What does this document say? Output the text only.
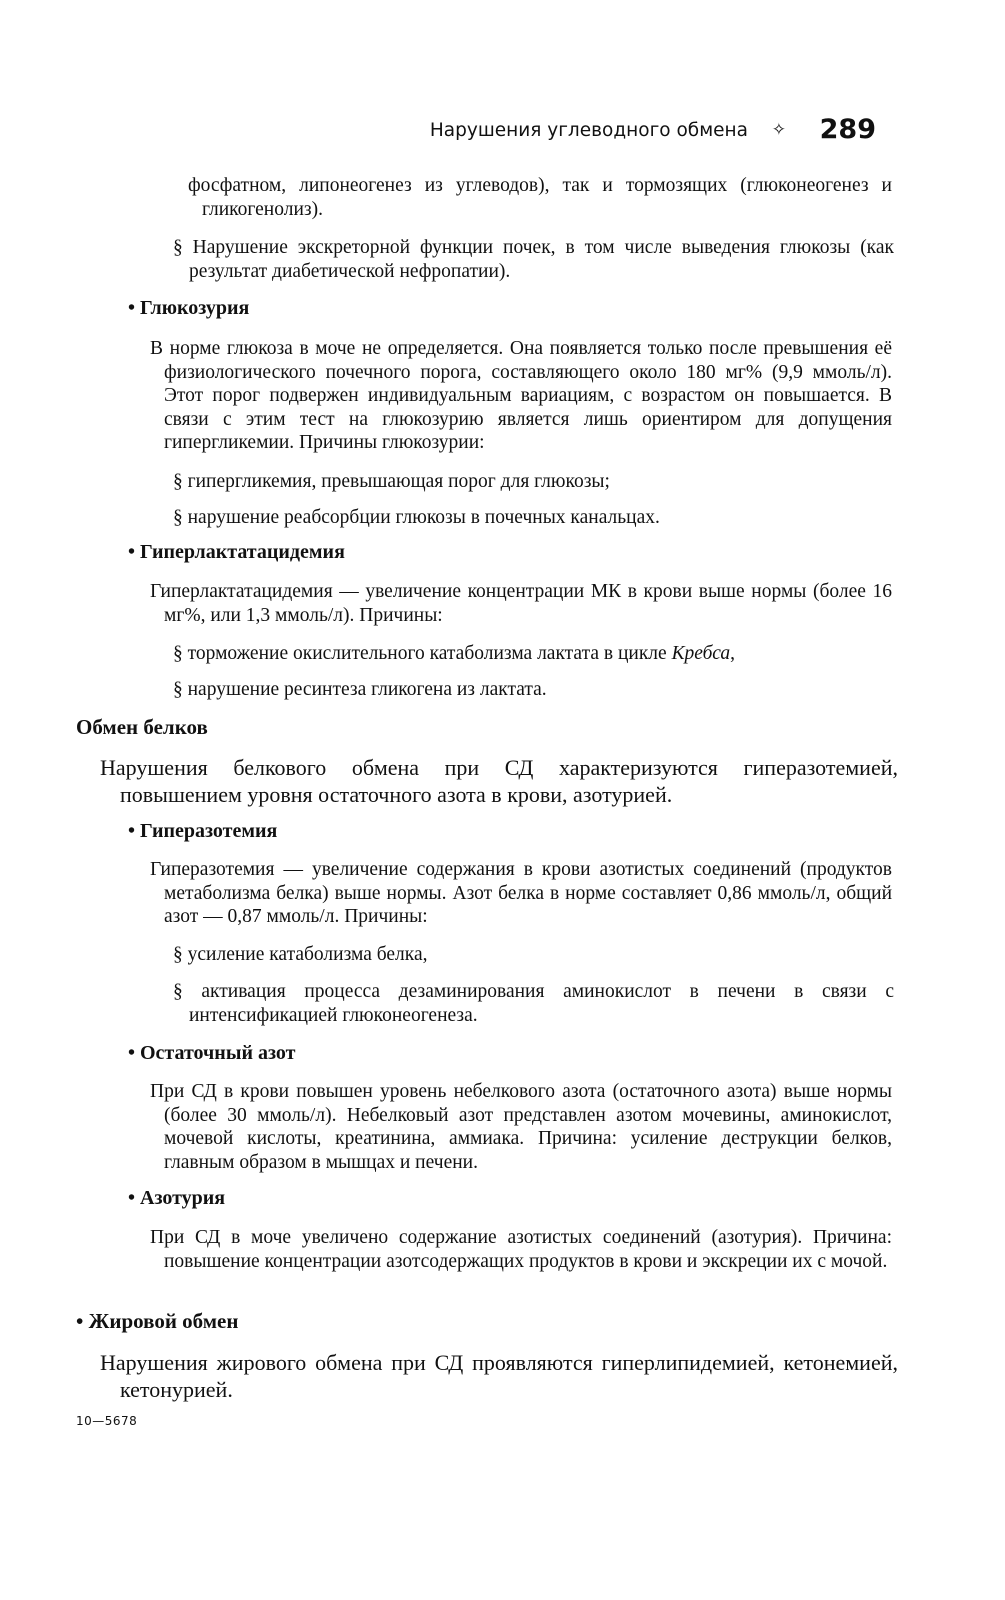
Нарушения углеводного обмена ✧ 289

фосфатном, липонеогенез из углеводов), так и тормозящих (глюконеогенез и гликогенолиз).

§ Нарушение экскреторной функции почек, в том числе выведения глюкозы (как результат диабетической нефропатии).

• Глюкозурия

В норме глюкоза в моче не определяется. Она появляется только после превышения её физиологического почечного порога, составляющего около 180 мг% (9,9 ммоль/л). Этот порог подвержен индивидуальным вариациям, с возрастом он повышается. В связи с этим тест на глюкозурию является лишь ориентиром для допущения гипергликемии. Причины глюкозурии:

§ гипергликемия, превышающая порог для глюкозы;

§ нарушение реабсорбции глюкозы в почечных канальцах.

• Гиперлактатацидемия

Гиперлактатацидемия — увеличение концентрации МК в крови выше нормы (более 16 мг%, или 1,3 ммоль/л). Причины:

§ торможение окислительного катаболизма лактата в цикле Кребса,

§ нарушение ресинтеза гликогена из лактата.

Обмен белков

Нарушения белкового обмена при СД характеризуются гиперазотемией, повышением уровня остаточного азота в крови, азотурией.

• Гиперазотемия

Гиперазотемия — увеличение содержания в крови азотистых соединений (продуктов метаболизма белка) выше нормы. Азот белка в норме составляет 0,86 ммоль/л, общий азот — 0,87 ммоль/л. Причины:

§ усиление катаболизма белка,

§ активация процесса дезаминирования аминокислот в печени в связи с интенсификацией глюконеогенеза.

• Остаточный азот

При СД в крови повышен уровень небелкового азота (остаточного азота) выше нормы (более 30 ммоль/л). Небелковый азот представлен азотом мочевины, аминокислот, мочевой кислоты, креатинина, аммиака. Причина: усиление деструкции белков, главным образом в мышцах и печени.

• Азотурия

При СД в моче увеличено содержание азотистых соединений (азотурия). Причина: повышение концентрации азотсодержащих продуктов в крови и экскреции их с мочой.

• Жировой обмен

Нарушения жирового обмена при СД проявляются гиперлипидемией, кетонемией, кетонурией.

10—5678
